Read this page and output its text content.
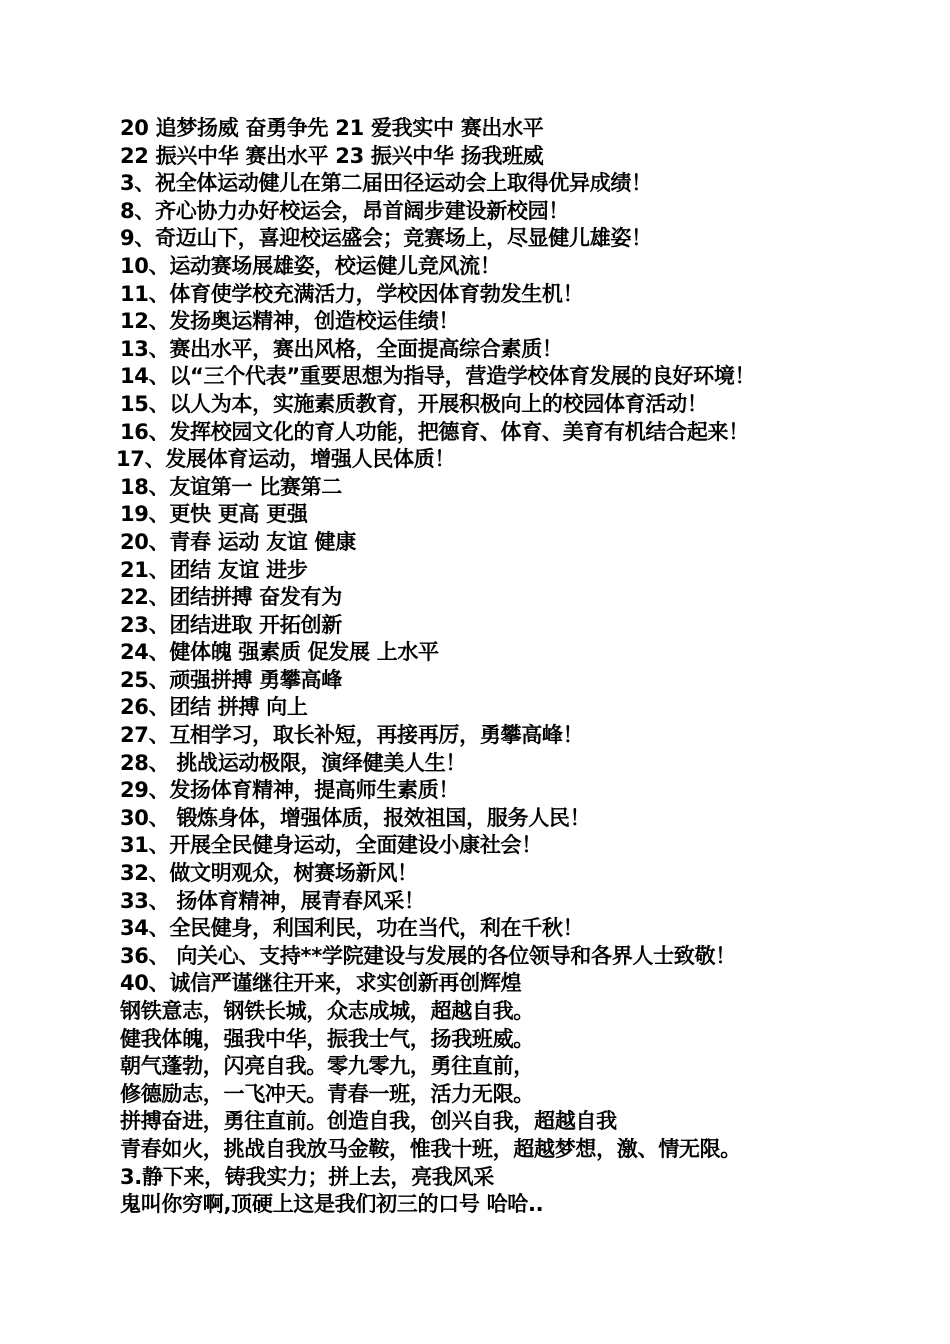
20 追梦扬威 奋勇争先 21 爱我实中 赛出水平
22 振兴中华 赛出水平 23 振兴中华 扬我班威
3、祝全体运动健儿在第二届田径运动会上取得优异成绩！
8、齐心协力办好校运会，昂首阔步建设新校园！
9、奇迈山下，喜迎校运盛会；竞赛场上，尽显健儿雄姿！
10、运动赛场展雄姿，校运健儿竞风流！
11、体育使学校充满活力，学校因体育勃发生机！
12、发扬奥运精神，创造校运佳绩！
13、赛出水平，赛出风格，全面提高综合素质！
14、以“三个代表”重要思想为指导，营造学校体育发展的良好环境！
15、以人为本，实施素质教育，开展积极向上的校园体育活动！
16、发挥校园文化的育人功能，把德育、体育、美育有机结合起来！
17、发展体育运动，增强人民体质！
18、友谊第一 比赛第二
19、更快 更高 更强
20、青春 运动 友谊 健康
21、团结 友谊 进步
22、团结拼搏 奋发有为
23、团结进取 开拓创新
24、健体魄 强素质 促发展 上水平
25、顽强拼搏 勇攀高峰
26、团结 拼搏 向上
27、互相学习，取长补短，再接再厉，勇攀高峰！
28、 挑战运动极限，演绎健美人生！
29、发扬体育精神，提高师生素质！
30、 锻炼身体，增强体质，报效祖国，服务人民！
31、开展全民健身运动，全面建设小康社会！
32、做文明观众，树赛场新风！
33、 扬体育精神，展青春风采！
34、全民健身，利国利民，功在当代，利在千秋！
36、 向关心、支持**学院建设与发展的各位领导和各界人士致敬！
40、诚信严谨继往开来，求实创新再创辉煌
钢铁意志，钢铁长城，众志成城，超越自我。
健我体魄，强我中华，振我士气，扬我班威。
朝气蓬勃，闪亮自我。零九零九，勇往直前，
修德励志，一飞冲天。青春一班，活力无限。
拼搏奋进，勇往直前。创造自我，创兴自我，超越自我
青春如火，挑战自我放马金鞍，惟我十班，超越梦想，激、情无限。
3.静下来，铸我实力；拼上去，亮我风采
鬼叫你穷啊,顶硬上这是我们初三的口号 哈哈..
